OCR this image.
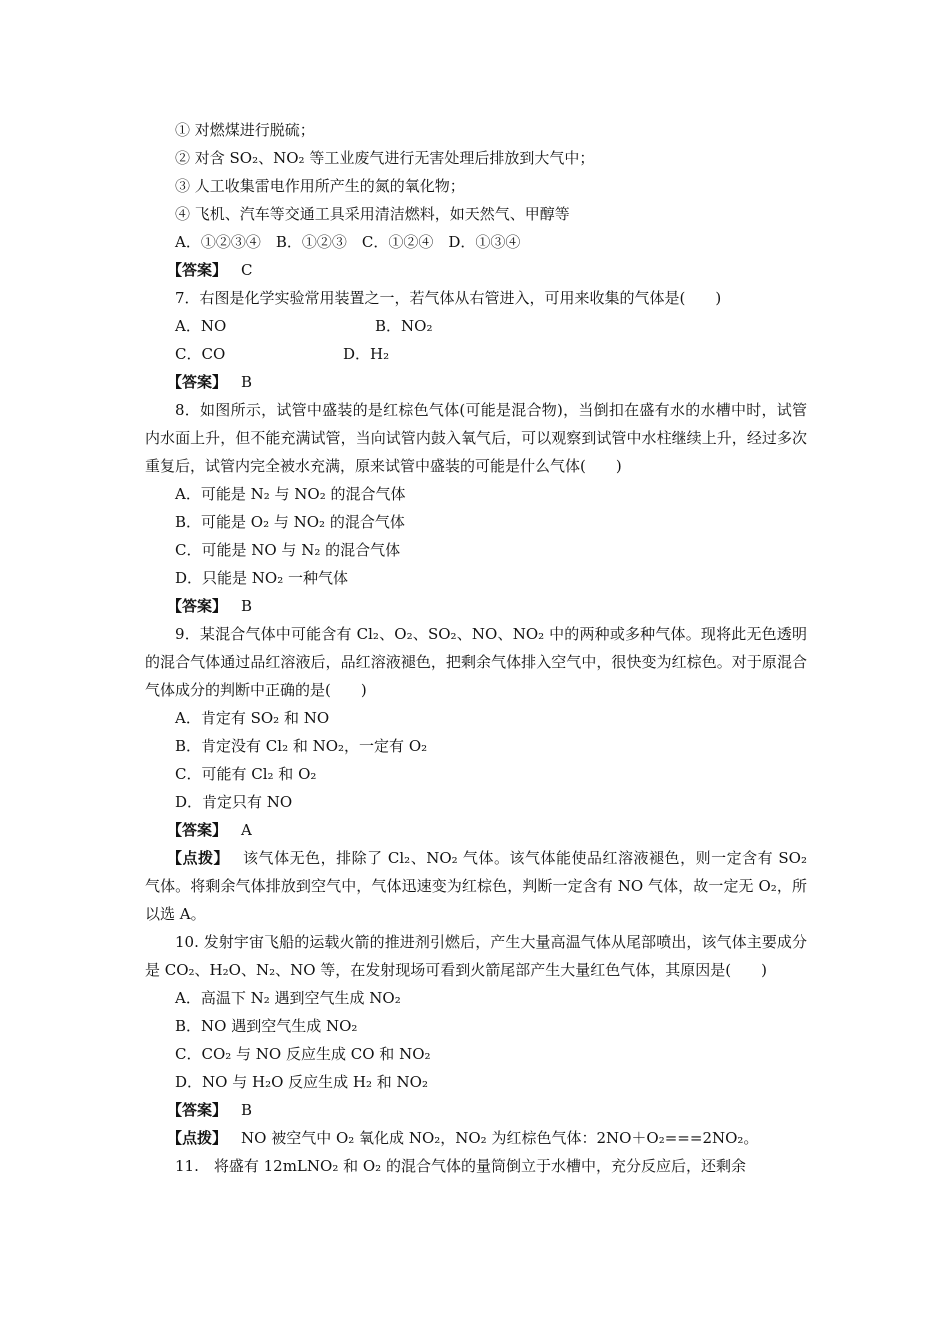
① 对燃煤进行脱硫；
② 对含 SO₂、NO₂ 等工业废气进行无害处理后排放到大气中；
③ 人工收集雷电作用所产生的氮的氧化物；
④ 飞机、汽车等交通工具采用清洁燃料，如天然气、甲醇等
A．①②③④　B．①②③　C．①②④　D．①③④
【答案】 C
7．右图是化学实验常用装置之一，若气体从右管进入，可用来收集的气体是(　　)
A．NO	B．NO₂
C．CO	D．H₂
【答案】 B
8．如图所示，试管中盛装的是红棕色气体(可能是混合物)，当倒扣在盛有水的水槽中时，试管内水面上升，但不能充满试管，当向试管内鼓入氧气后，可以观察到试管中水柱继续上升，经过多次重复后，试管内完全被水充满，原来试管中盛装的可能是什么气体(　　)
A．可能是 N₂ 与 NO₂ 的混合气体
B．可能是 O₂ 与 NO₂ 的混合气体
C．可能是 NO 与 N₂ 的混合气体
D．只能是 NO₂ 一种气体
【答案】 B
9．某混合气体中可能含有 Cl₂、O₂、SO₂、NO、NO₂ 中的两种或多种气体。现将此无色透明的混合气体通过品红溶液后，品红溶液褪色，把剩余气体排入空气中，很快变为红棕色。对于原混合气体成分的判断中正确的是(　　)
A．肯定有 SO₂ 和 NO
B．肯定没有 Cl₂ 和 NO₂，一定有 O₂
C．可能有 Cl₂ 和 O₂
D．肯定只有 NO
【答案】 A
【点拨】 该气体无色，排除了 Cl₂、NO₂ 气体。该气体能使品红溶液褪色，则一定含有 SO₂ 气体。将剩余气体排放到空气中，气体迅速变为红棕色，判断一定含有 NO 气体，故一定无 O₂，所以选 A。
10. 发射宇宙飞船的运载火箭的推进剂引燃后，产生大量高温气体从尾部喷出，该气体主要成分是 CO₂、H₂O、N₂、NO 等，在发射现场可看到火箭尾部产生大量红色气体，其原因是(　　)
A．高温下 N₂ 遇到空气生成 NO₂
B．NO 遇到空气生成 NO₂
C．CO₂ 与 NO 反应生成 CO 和 NO₂
D．NO 与 H₂O 反应生成 H₂ 和 NO₂
【答案】 B
【点拨】 NO 被空气中 O₂ 氧化成 NO₂，NO₂ 为红棕色气体：2NO＋O₂===2NO₂。
11.　将盛有 12mLNO₂ 和 O₂ 的混合气体的量筒倒立于水槽中，充分反应后，还剩余
